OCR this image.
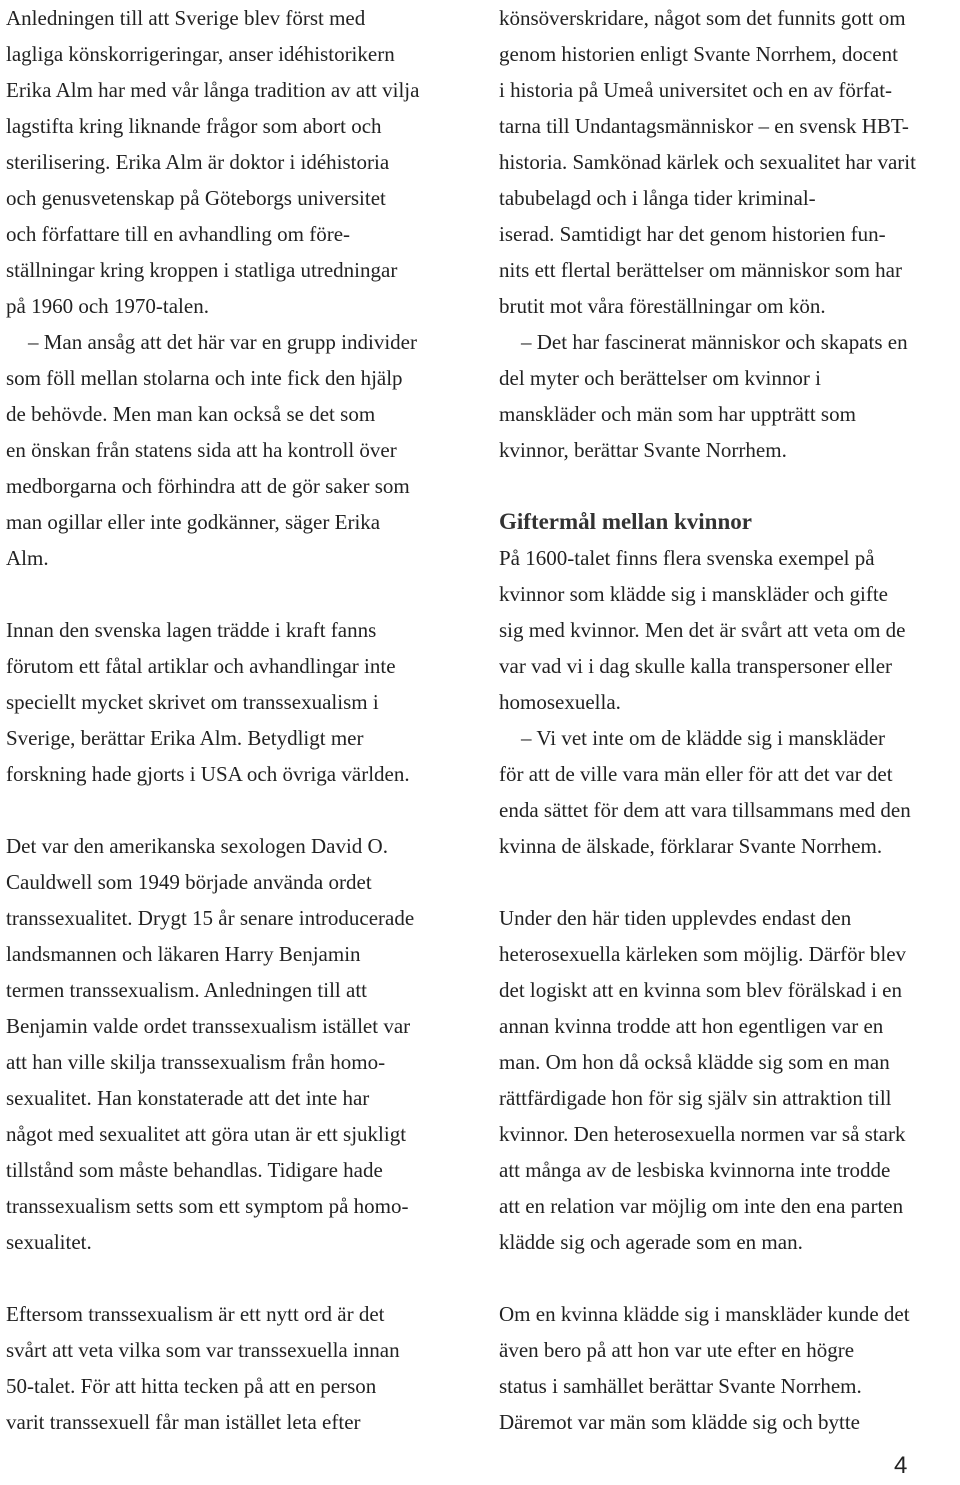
Anledningen till att Sverige blev först med
lagliga könskorrigeringar, anser idéhistorikern
Erika Alm har med vår långa tradition av att vilja
lagstifta kring liknande frågor som abort och
sterilisering. Erika Alm är doktor i idéhistoria
och genusvetenskap på Göteborgs universitet
och författare till en avhandling om före-
ställningar kring kroppen i statliga utredningar
på 1960 och 1970-talen.
– Man ansåg att det här var en grupp individer
som föll mellan stolarna och inte fick den hjälp
de behövde. Men man kan också se det som
en önskan från statens sida att ha kontroll över
medborgarna och förhindra att de gör saker som
man ogillar eller inte godkänner, säger Erika
Alm.
Innan den svenska lagen trädde i kraft fanns
förutom ett fåtal artiklar och avhandlingar inte
speciellt mycket skrivet om transsexualism i
Sverige, berättar Erika Alm. Betydligt mer
forskning hade gjorts i USA och övriga världen.
Det var den amerikanska sexologen David O.
Cauldwell som 1949 började använda ordet
transsexualitet. Drygt 15 år senare introducerade
landsmannen och läkaren Harry Benjamin
termen transsexualism. Anledningen till att
Benjamin valde ordet transsexualism istället var
att han ville skilja transsexualism från homo-
sexualitet. Han konstaterade att det inte har
något med sexualitet att göra utan är ett sjukligt
tillstånd som måste behandlas. Tidigare hade
transsexualism setts som ett symptom på homo-
sexualitet.
Eftersom transsexualism är ett nytt ord är det
svårt att veta vilka som var transsexuella innan
50-talet. För att hitta tecken på att en person
varit transsexuell får man istället leta efter
könsöverskridare, något som det funnits gott om
genom historien enligt Svante Norrhem, docent
i historia på Umeå universitet och en av förfat-
tarna till Undantagsmänniskor – en svensk HBT-
historia. Samkönad kärlek och sexualitet har varit
tabubelagd och i långa tider kriminal-
iserad. Samtidigt har det genom historien fun-
nits ett flertal berättelser om människor som har
brutit mot våra föreställningar om kön.
– Det har fascinerat människor och skapats en
del myter och berättelser om kvinnor i
manskläder och män som har uppträtt som
kvinnor, berättar Svante Norrhem.
Giftermål mellan kvinnor
På 1600-talet finns flera svenska exempel på
kvinnor som klädde sig i manskläder och gifte
sig med kvinnor. Men det är svårt att veta om de
var vad vi i dag skulle kalla transpersoner eller
homosexuella.
– Vi vet inte om de klädde sig i manskläder
för att de ville vara män eller för att det var det
enda sättet för dem att vara tillsammans med den
kvinna de älskade, förklarar Svante Norrhem.
Under den här tiden upplevdes endast den
heterosexuella kärleken som möjlig. Därför blev
det logiskt att en kvinna som blev förälskad i en
annan kvinna trodde att hon egentligen var en
man. Om hon då också klädde sig som en man
rättfärdigade hon för sig själv sin attraktion till
kvinnor. Den heterosexuella normen var så stark
att många av de lesbiska kvinnorna inte trodde
att en relation var möjlig om inte den ena parten
klädde sig och agerade som en man.
Om en kvinna klädde sig i manskläder kunde det
även bero på att hon var ute efter en högre
status i samhället berättar Svante Norrhem.
Däremot var män som klädde sig och bytte
4
